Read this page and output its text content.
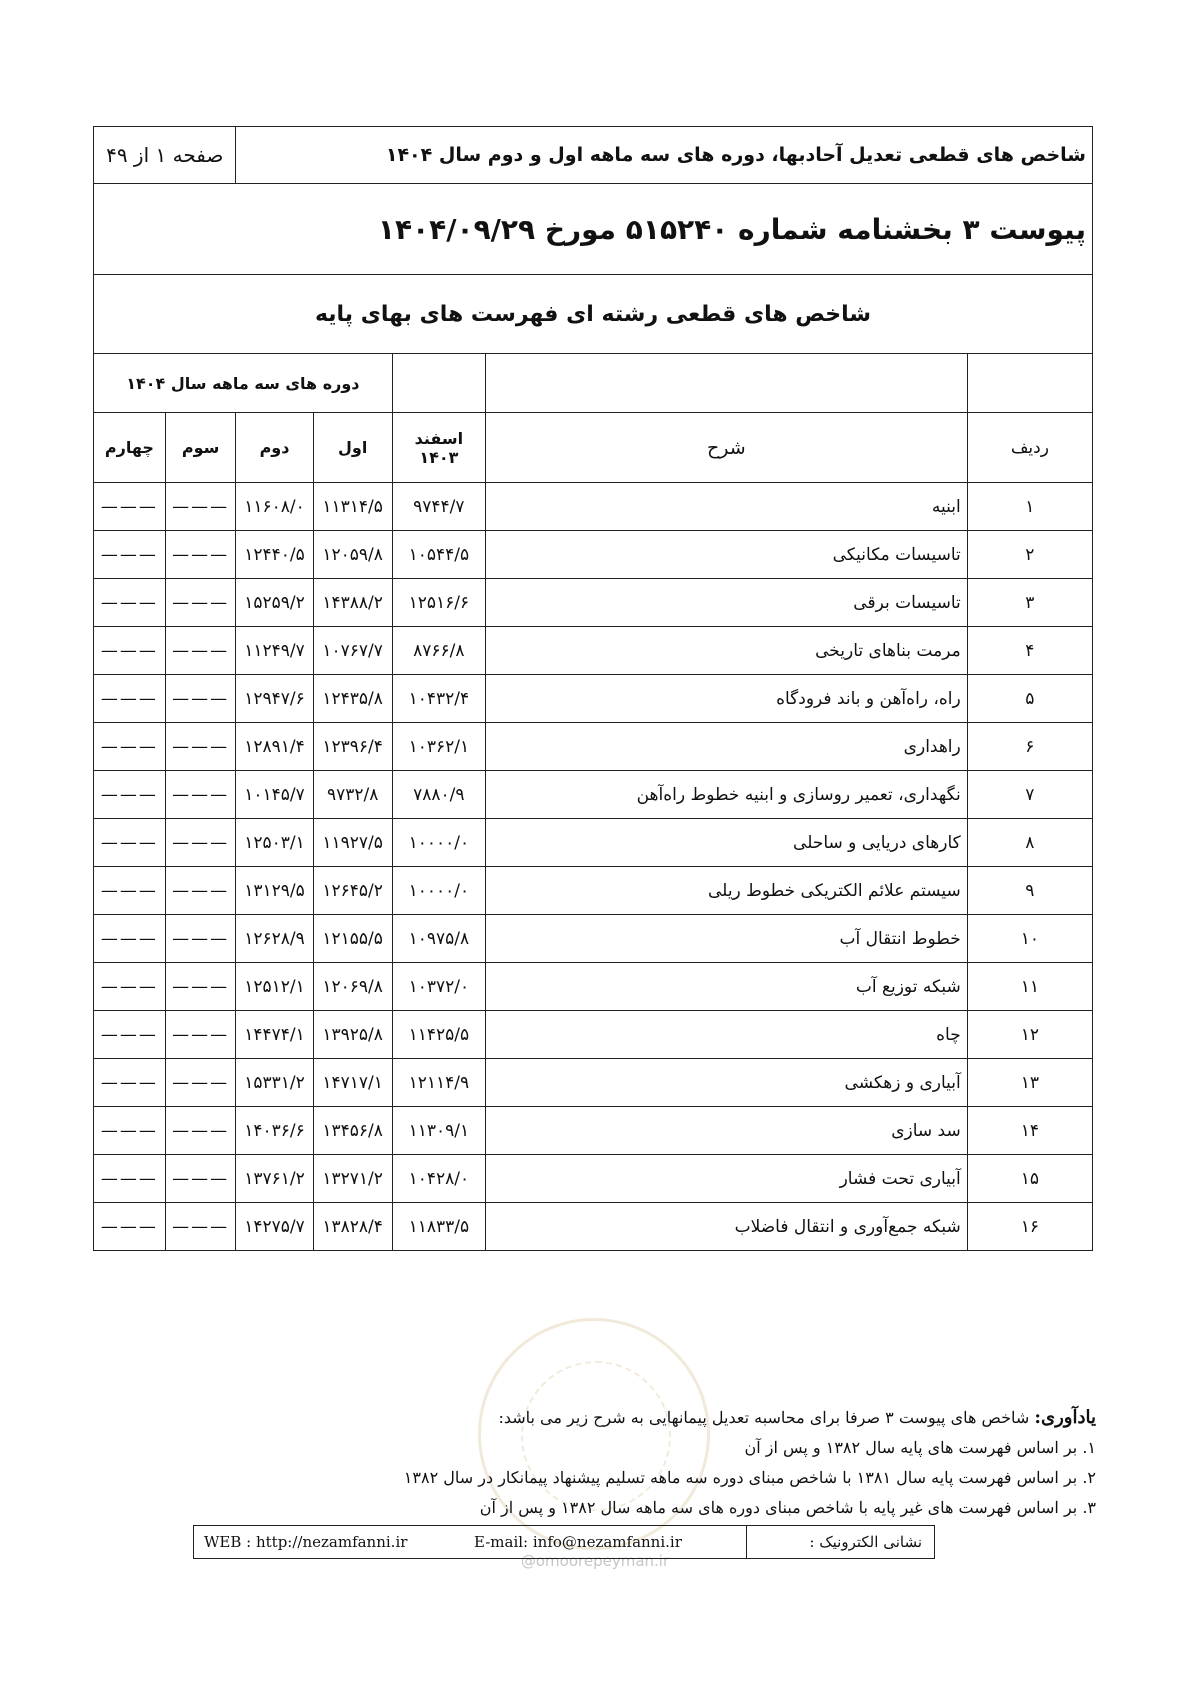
شاخص های قطعی تعدیل آحادبها، دوره های سه ماهه اول و دوم سال ۱۴۰۴					صفحه ۱ از ۴۹	
پیوست ۳ بخشنامه شماره ۵۱۵۲۴۰ مورخ ۱۴۰۴/۰۹/۲۹						
شاخص های قطعی رشته ای فهرست های بهای پایه						
			دوره های سه ماهه سال ۱۴۰۴			
ردیف	شرح	اسفند ۱۴۰۳	اول	دوم	سوم	چهارم
۱	ابنیه	۹۷۴۴/۷	۱۱۳۱۴/۵	۱۱۶۰۸/۰	———	———
۲	تاسیسات مکانیکی	۱۰۵۴۴/۵	۱۲۰۵۹/۸	۱۲۴۴۰/۵	———	———
۳	تاسیسات برقی	۱۲۵۱۶/۶	۱۴۳۸۸/۲	۱۵۲۵۹/۲	———	———
۴	مرمت بناهای تاریخی	۸۷۶۶/۸	۱۰۷۶۷/۷	۱۱۲۴۹/۷	———	———
۵	راه، راه‌آهن و باند فرودگاه	۱۰۴۳۲/۴	۱۲۴۳۵/۸	۱۲۹۴۷/۶	———	———
۶	راهداری	۱۰۳۶۲/۱	۱۲۳۹۶/۴	۱۲۸۹۱/۴	———	———
۷	نگهداری، تعمیر روسازی و ابنیه خطوط راه‌آهن	۷۸۸۰/۹	۹۷۳۲/۸	۱۰۱۴۵/۷	———	———
۸	کارهای دریایی و ساحلی	۱۰۰۰۰/۰	۱۱۹۲۷/۵	۱۲۵۰۳/۱	———	———
۹	سیستم علائم الکتریکی خطوط ریلی	۱۰۰۰۰/۰	۱۲۶۴۵/۲	۱۳۱۲۹/۵	———	———
۱۰	خطوط انتقال آب	۱۰۹۷۵/۸	۱۲۱۵۵/۵	۱۲۶۲۸/۹	———	———
۱۱	شبکه توزیع آب	۱۰۳۷۲/۰	۱۲۰۶۹/۸	۱۲۵۱۲/۱	———	———
۱۲	چاه	۱۱۴۲۵/۵	۱۳۹۲۵/۸	۱۴۴۷۴/۱	———	———
۱۳	آبیاری و زهکشی	۱۲۱۱۴/۹	۱۴۷۱۷/۱	۱۵۳۳۱/۲	———	———
۱۴	سد سازی	۱۱۳۰۹/۱	۱۳۴۵۶/۸	۱۴۰۳۶/۶	———	———
۱۵	آبیاری تحت فشار	۱۰۴۲۸/۰	۱۳۲۷۱/۲	۱۳۷۶۱/۲	———	———
۱۶	شبکه جمع‌آوری و انتقال فاضلاب	۱۱۸۳۳/۵	۱۳۸۲۸/۴	۱۴۲۷۵/۷	———	———
@omoorepeyman.ir
یادآوری: شاخص های پیوست ۳ صرفا برای محاسبه تعدیل پیمانهایی به شرح زیر می باشد:
۱. بر اساس فهرست های پایه سال ۱۳۸۲ و پس از آن
۲. بر اساس فهرست پایه سال ۱۳۸۱ با شاخص مبنای دوره سه ماهه تسلیم پیشنهاد پیمانکار در سال ۱۳۸۲
۳. بر اساس فهرست های غیر پایه با شاخص مبنای دوره های سه ماهه سال ۱۳۸۲ و پس از آن
WEB : http://nezamfanni.ir	E-mail: info@nezamfanni.ir	نشانی الکترونیک :
